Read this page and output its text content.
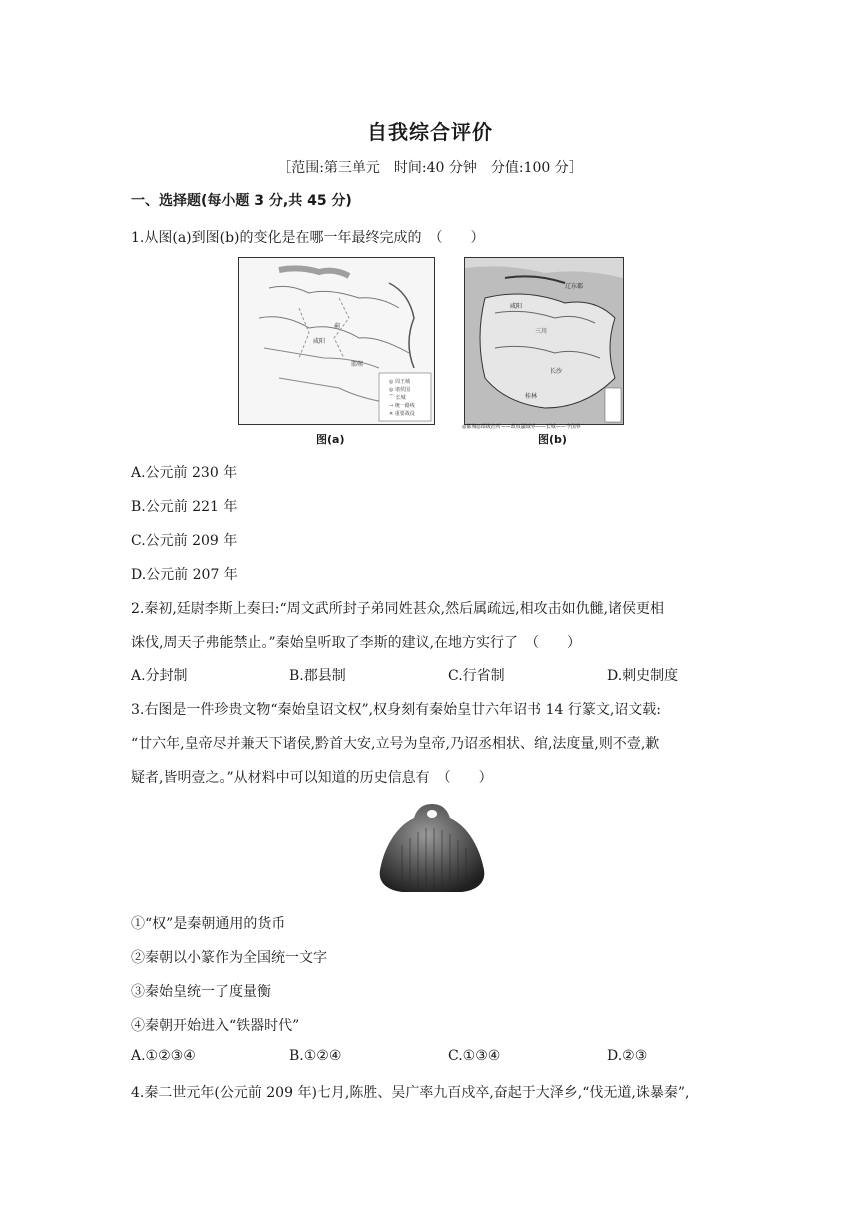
自我综合评价
［范围:第三单元　时间:40 分钟　分值:100 分］
一、选择题(每小题 3 分,共 45 分)
1.从图(a)到图(b)的变化是在哪一年最终完成的　（　　）
咸阳
邯郸
蓟
◎ 周王城
◎ 诸侯国
⌒ 长城
→ 统一路线
✕ 重要战役
图(a)
咸阳
辽东郡
三川
长沙
桂林
◎都城◎郡级治所——政权疆域界——长城——今国界
图(b)
A.公元前 230 年
B.公元前 221 年
C.公元前 209 年
D.公元前 207 年
2.秦初,廷尉李斯上奏曰:“周文武所封子弟同姓甚众,然后属疏远,相攻击如仇雠,诸侯更相
诛伐,周天子弗能禁止。”秦始皇听取了李斯的建议,在地方实行了　（　　）
A.分封制	B.郡县制	C.行省制	D.刺史制度
3.右图是一件珍贵文物“秦始皇诏文权”,权身刻有秦始皇廿六年诏书 14 行篆文,诏文载:
“廿六年,皇帝尽并兼天下诸侯,黔首大安,立号为皇帝,乃诏丞相状、绾,法度量,则不壹,歉
疑者,皆明壹之。”从材料中可以知道的历史信息有　（　　）
①“权”是秦朝通用的货币
②秦朝以小篆作为全国统一文字
③秦始皇统一了度量衡
④秦朝开始进入“铁器时代”
A.①②③④	B.①②④	C.①③④	D.②③
4.秦二世元年(公元前 209 年)七月,陈胜、吴广率九百戍卒,奋起于大泽乡,“伐无道,诛暴秦”,
